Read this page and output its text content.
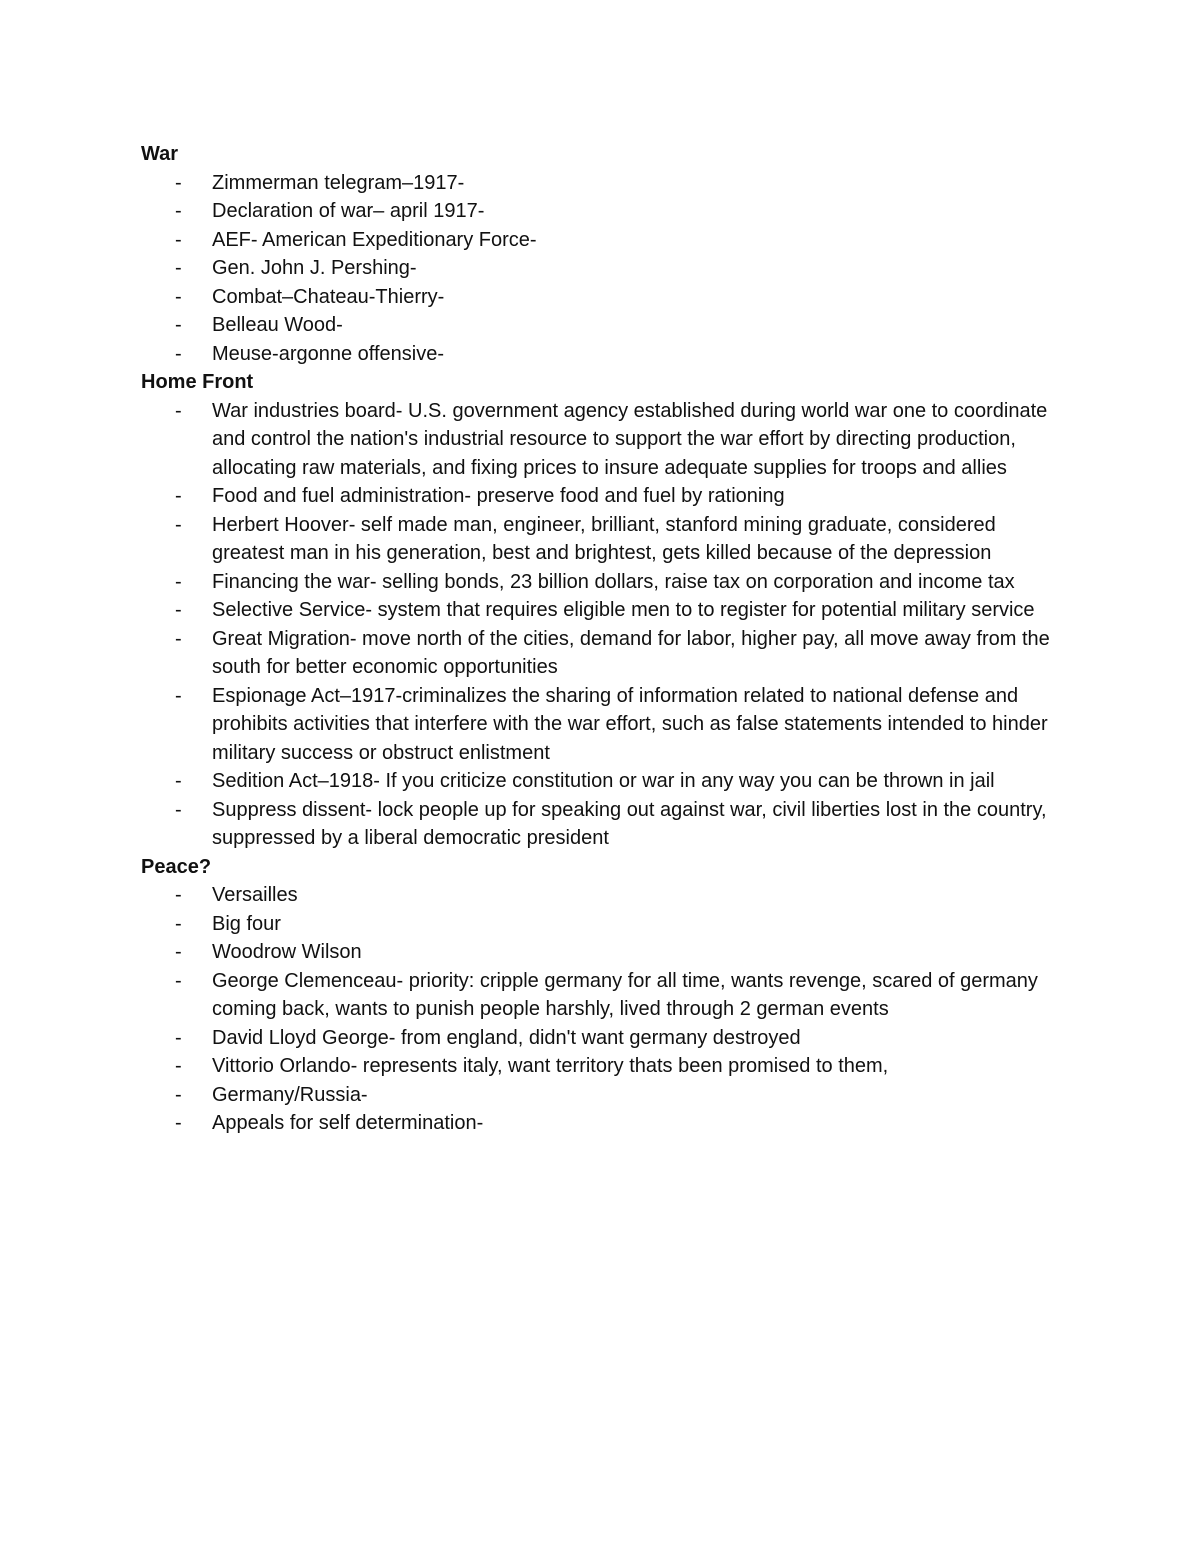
War

- Zimmerman telegram–1917-
- Declaration of war– april 1917-
- AEF- American Expeditionary Force-
- Gen. John J. Pershing-
- Combat–Chateau-Thierry-
- Belleau Wood-
- Meuse-argonne offensive-

Home Front

- War industries board- U.S. government agency established during world war one to coordinate and control the nation's industrial resource to support the war effort by directing production, allocating raw materials, and fixing prices to insure adequate supplies for troops and allies
- Food and fuel administration- preserve food and fuel by rationing
- Herbert Hoover- self made man, engineer, brilliant, stanford mining graduate, considered greatest man in his generation, best and brightest, gets killed because of the depression
- Financing the war- selling bonds, 23 billion dollars, raise tax on corporation and income tax
- Selective Service- system that requires eligible men to to register for potential military service
- Great Migration- move north of the cities, demand for labor, higher pay, all move away from the south for better economic opportunities
- Espionage Act–1917-criminalizes the sharing of information related to national defense and prohibits activities that interfere with the war effort, such as false statements intended to hinder military success or obstruct enlistment
- Sedition Act–1918- If you criticize constitution or war in any way you can be thrown in jail
- Suppress dissent- lock people up for speaking out against war, civil liberties lost in the country, suppressed by a liberal democratic president

Peace?

- Versailles
- Big four
- Woodrow Wilson
- George Clemenceau- priority: cripple germany for all time, wants revenge, scared of germany coming back, wants to punish people harshly, lived through 2 german events
- David Lloyd George- from england, didn't want germany destroyed
- Vittorio Orlando- represents italy, want territory thats been promised to them,
- Germany/Russia-
- Appeals for self determination-
